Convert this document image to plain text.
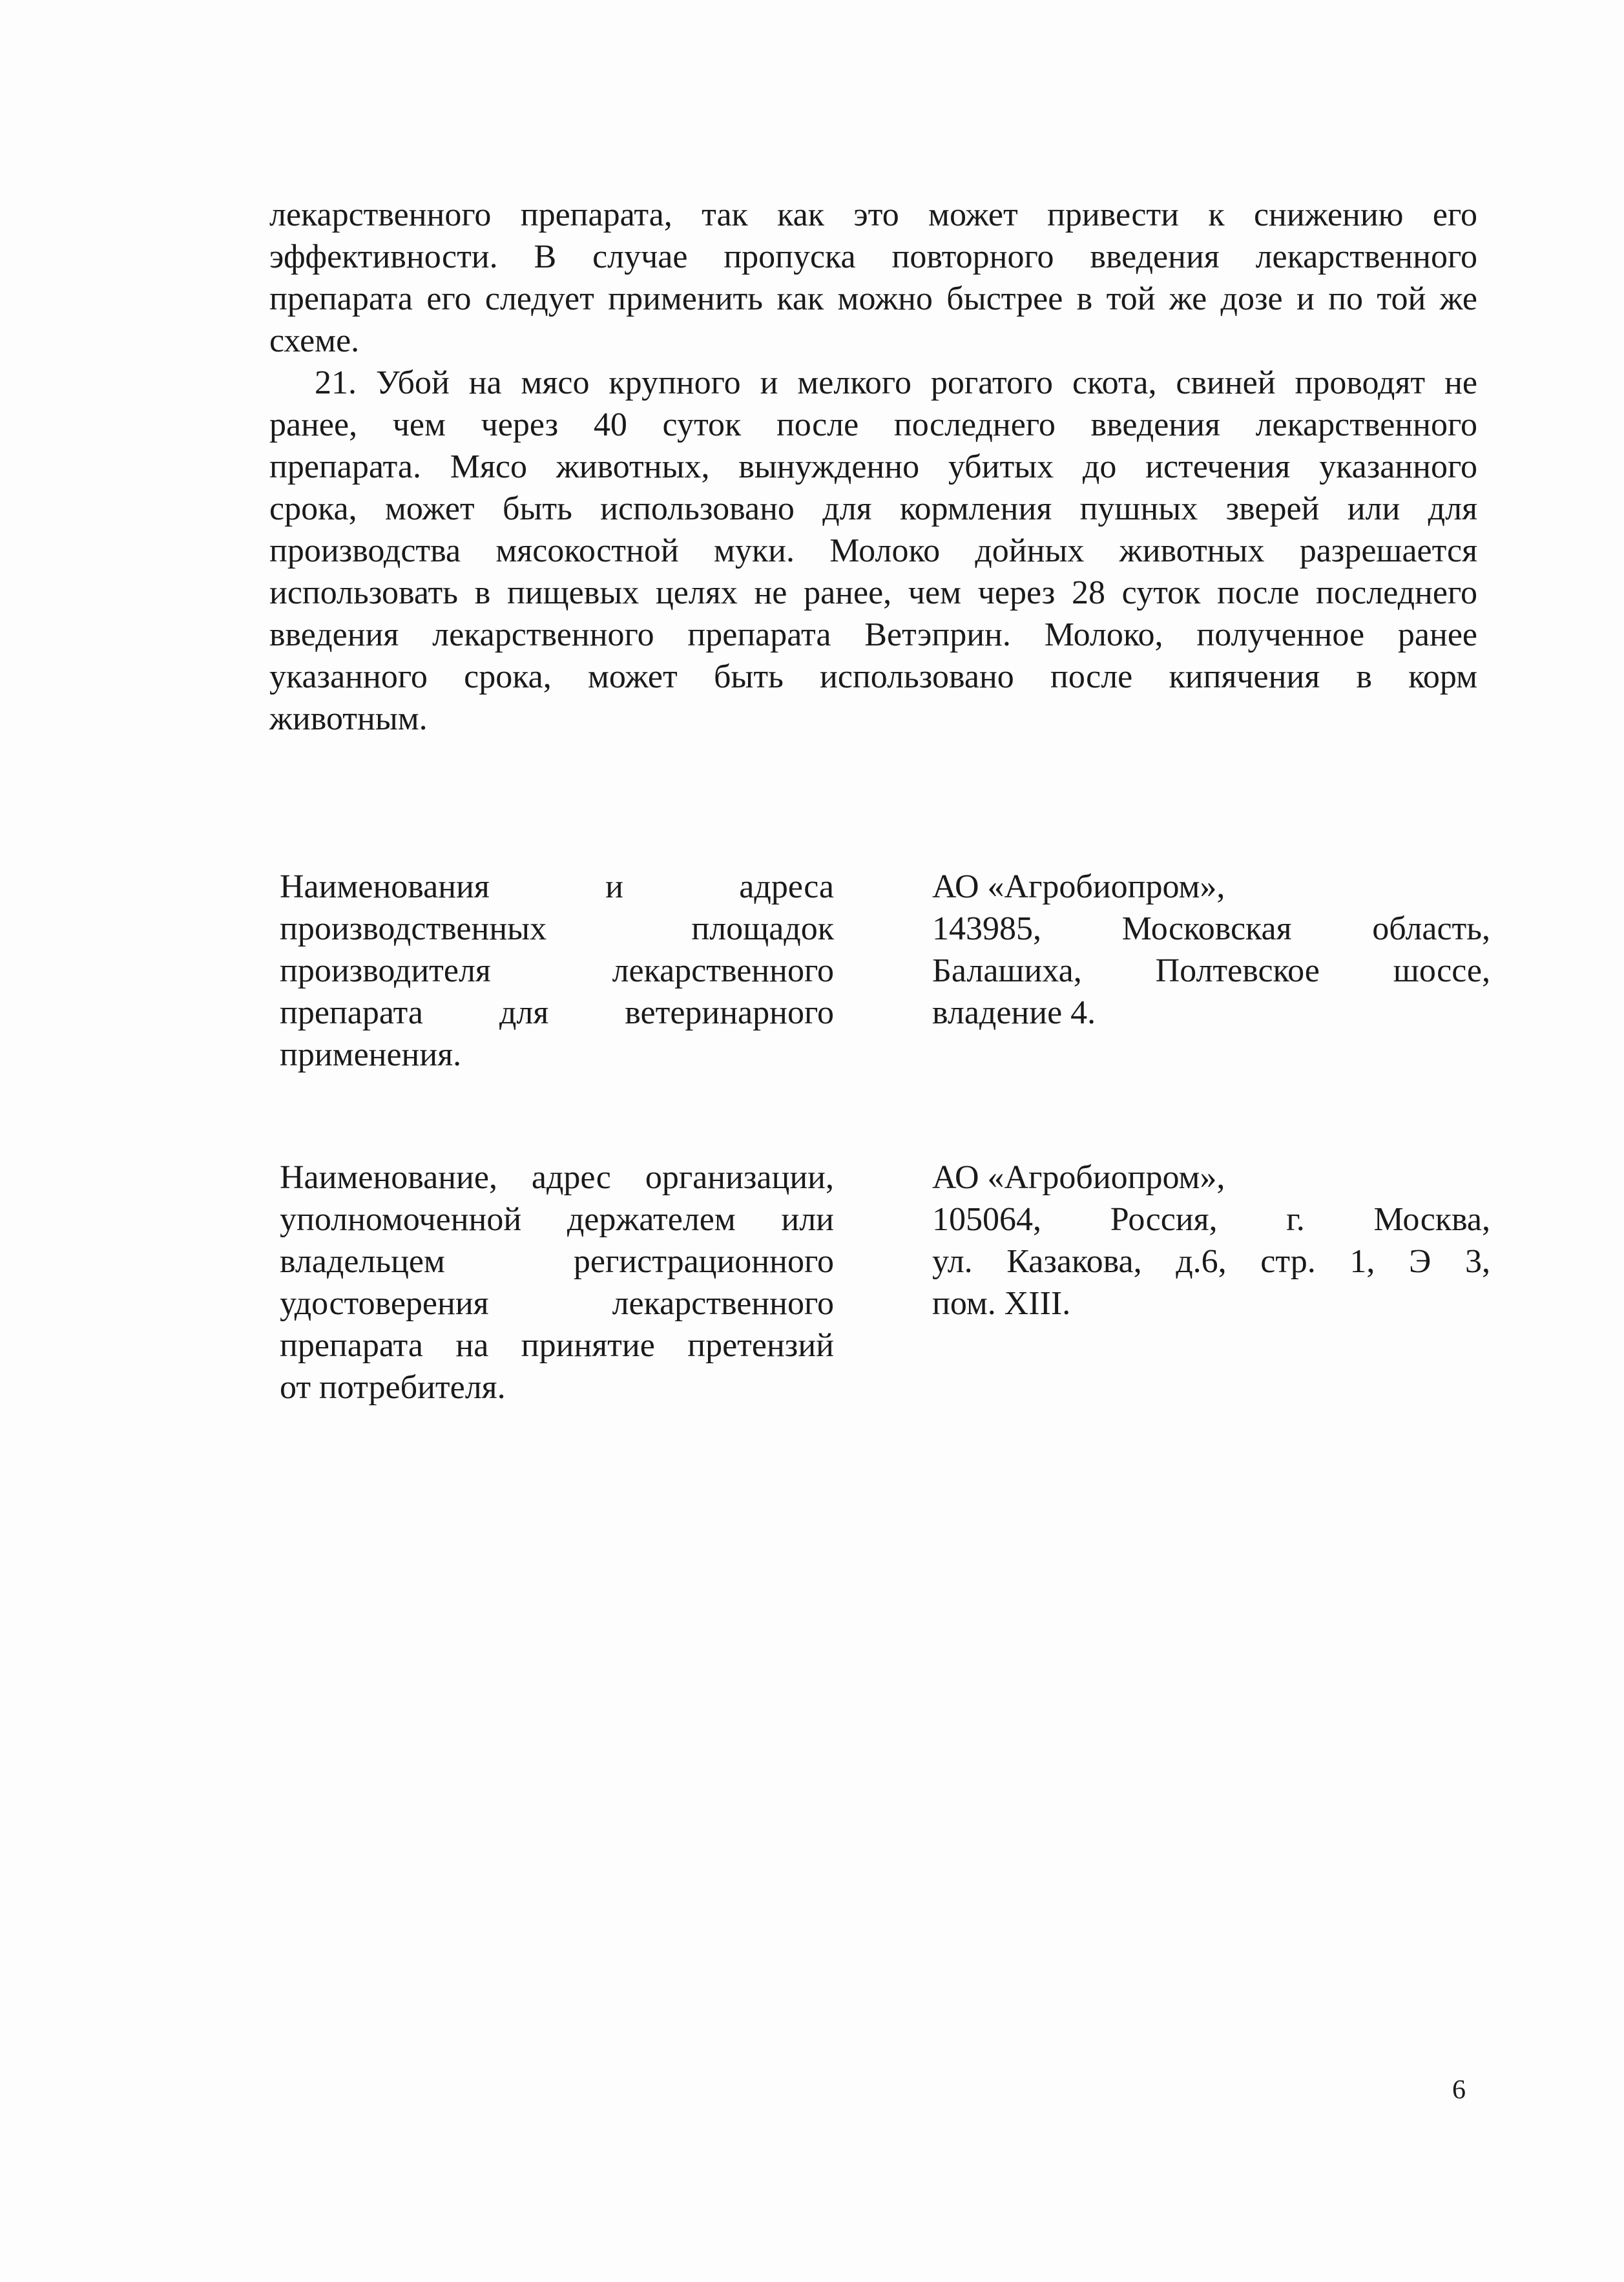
лекарственного препарата, так как это может привести к снижению его
эффективности. В случае пропуска повторного введения лекарственного
препарата его следует применить как можно быстрее в той же дозе и по той же
схеме.

21. Убой на мясо крупного и мелкого рогатого скота, свиней проводят не
ранее, чем через 40 суток после последнего введения лекарственного
препарата. Мясо животных, вынужденно убитых до истечения указанного
срока, может быть использовано для кормления пушных зверей или для
производства мясокостной муки. Молоко дойных животных разрешается
использовать в пищевых целях не ранее, чем через 28 суток после последнего
введения лекарственного препарата Ветэприн. Молоко, полученное ранее
указанного срока, может быть использовано после кипячения в корм
животным.

Наименования и адреса
производственных площадок
производителя лекарственного
препарата для ветеринарного
применения.
АО «Агробиопром»,
143985, Московская область,
Балашиха, Полтевское шоссе,
владение 4.
Наименование, адрес организации,
уполномоченной держателем или
владельцем регистрационного
удостоверения лекарственного
препарата на принятие претензий
от потребителя.
АО «Агробиопром»,
105064, Россия, г. Москва,
ул. Казакова, д.6, стр. 1, Э 3,
пом. XIII.
6
